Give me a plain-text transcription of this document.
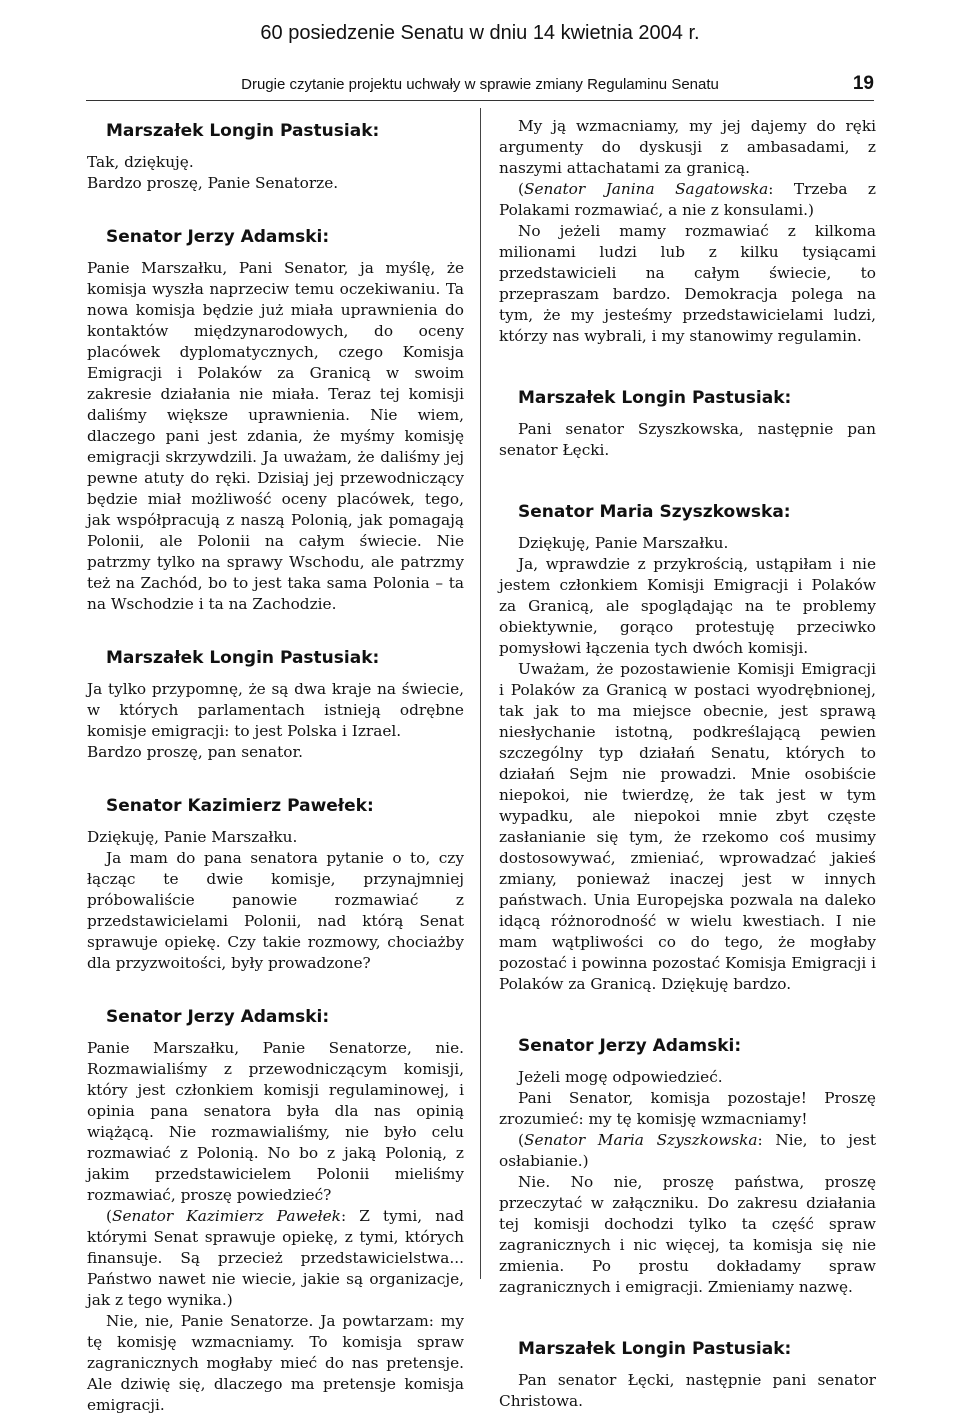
60 posiedzenie Senatu w dniu 14 kwietnia 2004 r.
Drugie czytanie projektu uchwały w sprawie zmiany Regulaminu Senatu	19
Marszałek Longin Pastusiak:

Tak, dziękuję.

Bardzo proszę, Panie Senatorze.

Senator Jerzy Adamski:

Panie Marszałku, Pani Senator, ja myślę, że komisja wyszła naprzeciw temu oczekiwaniu. Ta nowa komisja będzie już miała uprawnienia do kontaktów międzynarodowych, do oceny placówek dyplomatycznych, czego Komisja Emigracji i Polaków za Granicą w swoim zakresie działania nie miała. Teraz tej komisji daliśmy większe uprawnienia. Nie wiem, dlaczego pani jest zdania, że myśmy komisję emigracji skrzywdzili. Ja uważam, że daliśmy jej pewne atuty do ręki. Dzisiaj jej przewodniczący będzie miał możliwość oceny placówek, tego, jak współpracują z naszą Polonią, jak pomagają Polonii, ale Polonii na całym świecie. Nie patrzmy tylko na sprawy Wschodu, ale patrzmy też na Zachód, bo to jest taka sama Polonia – ta na Wschodzie i ta na Zachodzie.

Marszałek Longin Pastusiak:

Ja tylko przypomnę, że są dwa kraje na świecie, w których parlamentach istnieją odrębne komisje emigracji: to jest Polska i Izrael.

Bardzo proszę, pan senator.

Senator Kazimierz Pawełek:

Dziękuję, Panie Marszałku.

Ja mam do pana senatora pytanie o to, czy łącząc te dwie komisje, przynajmniej próbowaliście panowie rozmawiać z przedstawicielami Polonii, nad którą Senat sprawuje opiekę. Czy takie rozmowy, chociażby dla przyzwoitości, były prowadzone?

Senator Jerzy Adamski:

Panie Marszałku, Panie Senatorze, nie. Rozmawialiśmy z przewodniczącym komisji, który jest członkiem komisji regulaminowej, i opinia pana senatora była dla nas opinią wiążącą. Nie rozmawialiśmy, nie było celu rozmawiać z Polonią. No bo z jaką Polonią, z jakim przedstawicielem Polonii mieliśmy rozmawiać, proszę powiedzieć?

(Senator Kazimierz Pawełek: Z tymi, nad którymi Senat sprawuje opiekę, z tymi, których finansuje. Są przecież przedstawicielstwa... Państwo nawet nie wiecie, jakie są organizacje, jak z tego wynika.)

Nie, nie, Panie Senatorze. Ja powtarzam: my tę komisję wzmacniamy. To komisja spraw zagranicznych mogłaby mieć do nas pretensje. Ale dziwię się, dlaczego ma pretensje komisja emigracji.

My ją wzmacniamy, my jej dajemy do ręki argumenty do dyskusji z ambasadami, z naszymi attachatami za granicą.

(Senator Janina Sagatowska: Trzeba z Polakami rozmawiać, a nie z konsulami.)

No jeżeli mamy rozmawiać z kilkoma milionami ludzi lub z kilku tysiącami przedstawicieli na całym świecie, to przepraszam bardzo. Demokracja polega na tym, że my jesteśmy przedstawicielami ludzi, którzy nas wybrali, i my stanowimy regulamin.

Marszałek Longin Pastusiak:

Pani senator Szyszkowska, następnie pan senator Łęcki.

Senator Maria Szyszkowska:

Dziękuję, Panie Marszałku.

Ja, wprawdzie z przykrością, ustąpiłam i nie jestem członkiem Komisji Emigracji i Polaków za Granicą, ale spoglądając na te problemy obiektywnie, gorąco protestuję przeciwko pomysłowi łączenia tych dwóch komisji.

Uważam, że pozostawienie Komisji Emigracji i Polaków za Granicą w postaci wyodrębnionej, tak jak to ma miejsce obecnie, jest sprawą niesłychanie istotną, podkreślającą pewien szczególny typ działań Senatu, których to działań Sejm nie prowadzi. Mnie osobiście niepokoi, nie twierdzę, że tak jest w tym wypadku, ale niepokoi mnie zbyt częste zasłanianie się tym, że rzekomo coś musimy dostosowywać, zmieniać, wprowadzać jakieś zmiany, ponieważ inaczej jest w innych państwach. Unia Europejska pozwala na daleko idącą różnorodność w wielu kwestiach. I nie mam wątpliwości co do tego, że mogłaby pozostać i powinna pozostać Komisja Emigracji i Polaków za Granicą. Dziękuję bardzo.

Senator Jerzy Adamski:

Jeżeli mogę odpowiedzieć.

Pani Senator, komisja pozostaje! Proszę zrozumieć: my tę komisję wzmacniamy!

(Senator Maria Szyszkowska: Nie, to jest osłabianie.)

Nie. No nie, proszę państwa, proszę przeczytać w załączniku. Do zakresu działania tej komisji dochodzi tylko ta część spraw zagranicznych i nic więcej, ta komisja się nie zmienia. Po prostu dokładamy spraw zagranicznych i emigracji. Zmieniamy nazwę.

Marszałek Longin Pastusiak:

Pan senator Łęcki, następnie pani senator Christowa.
